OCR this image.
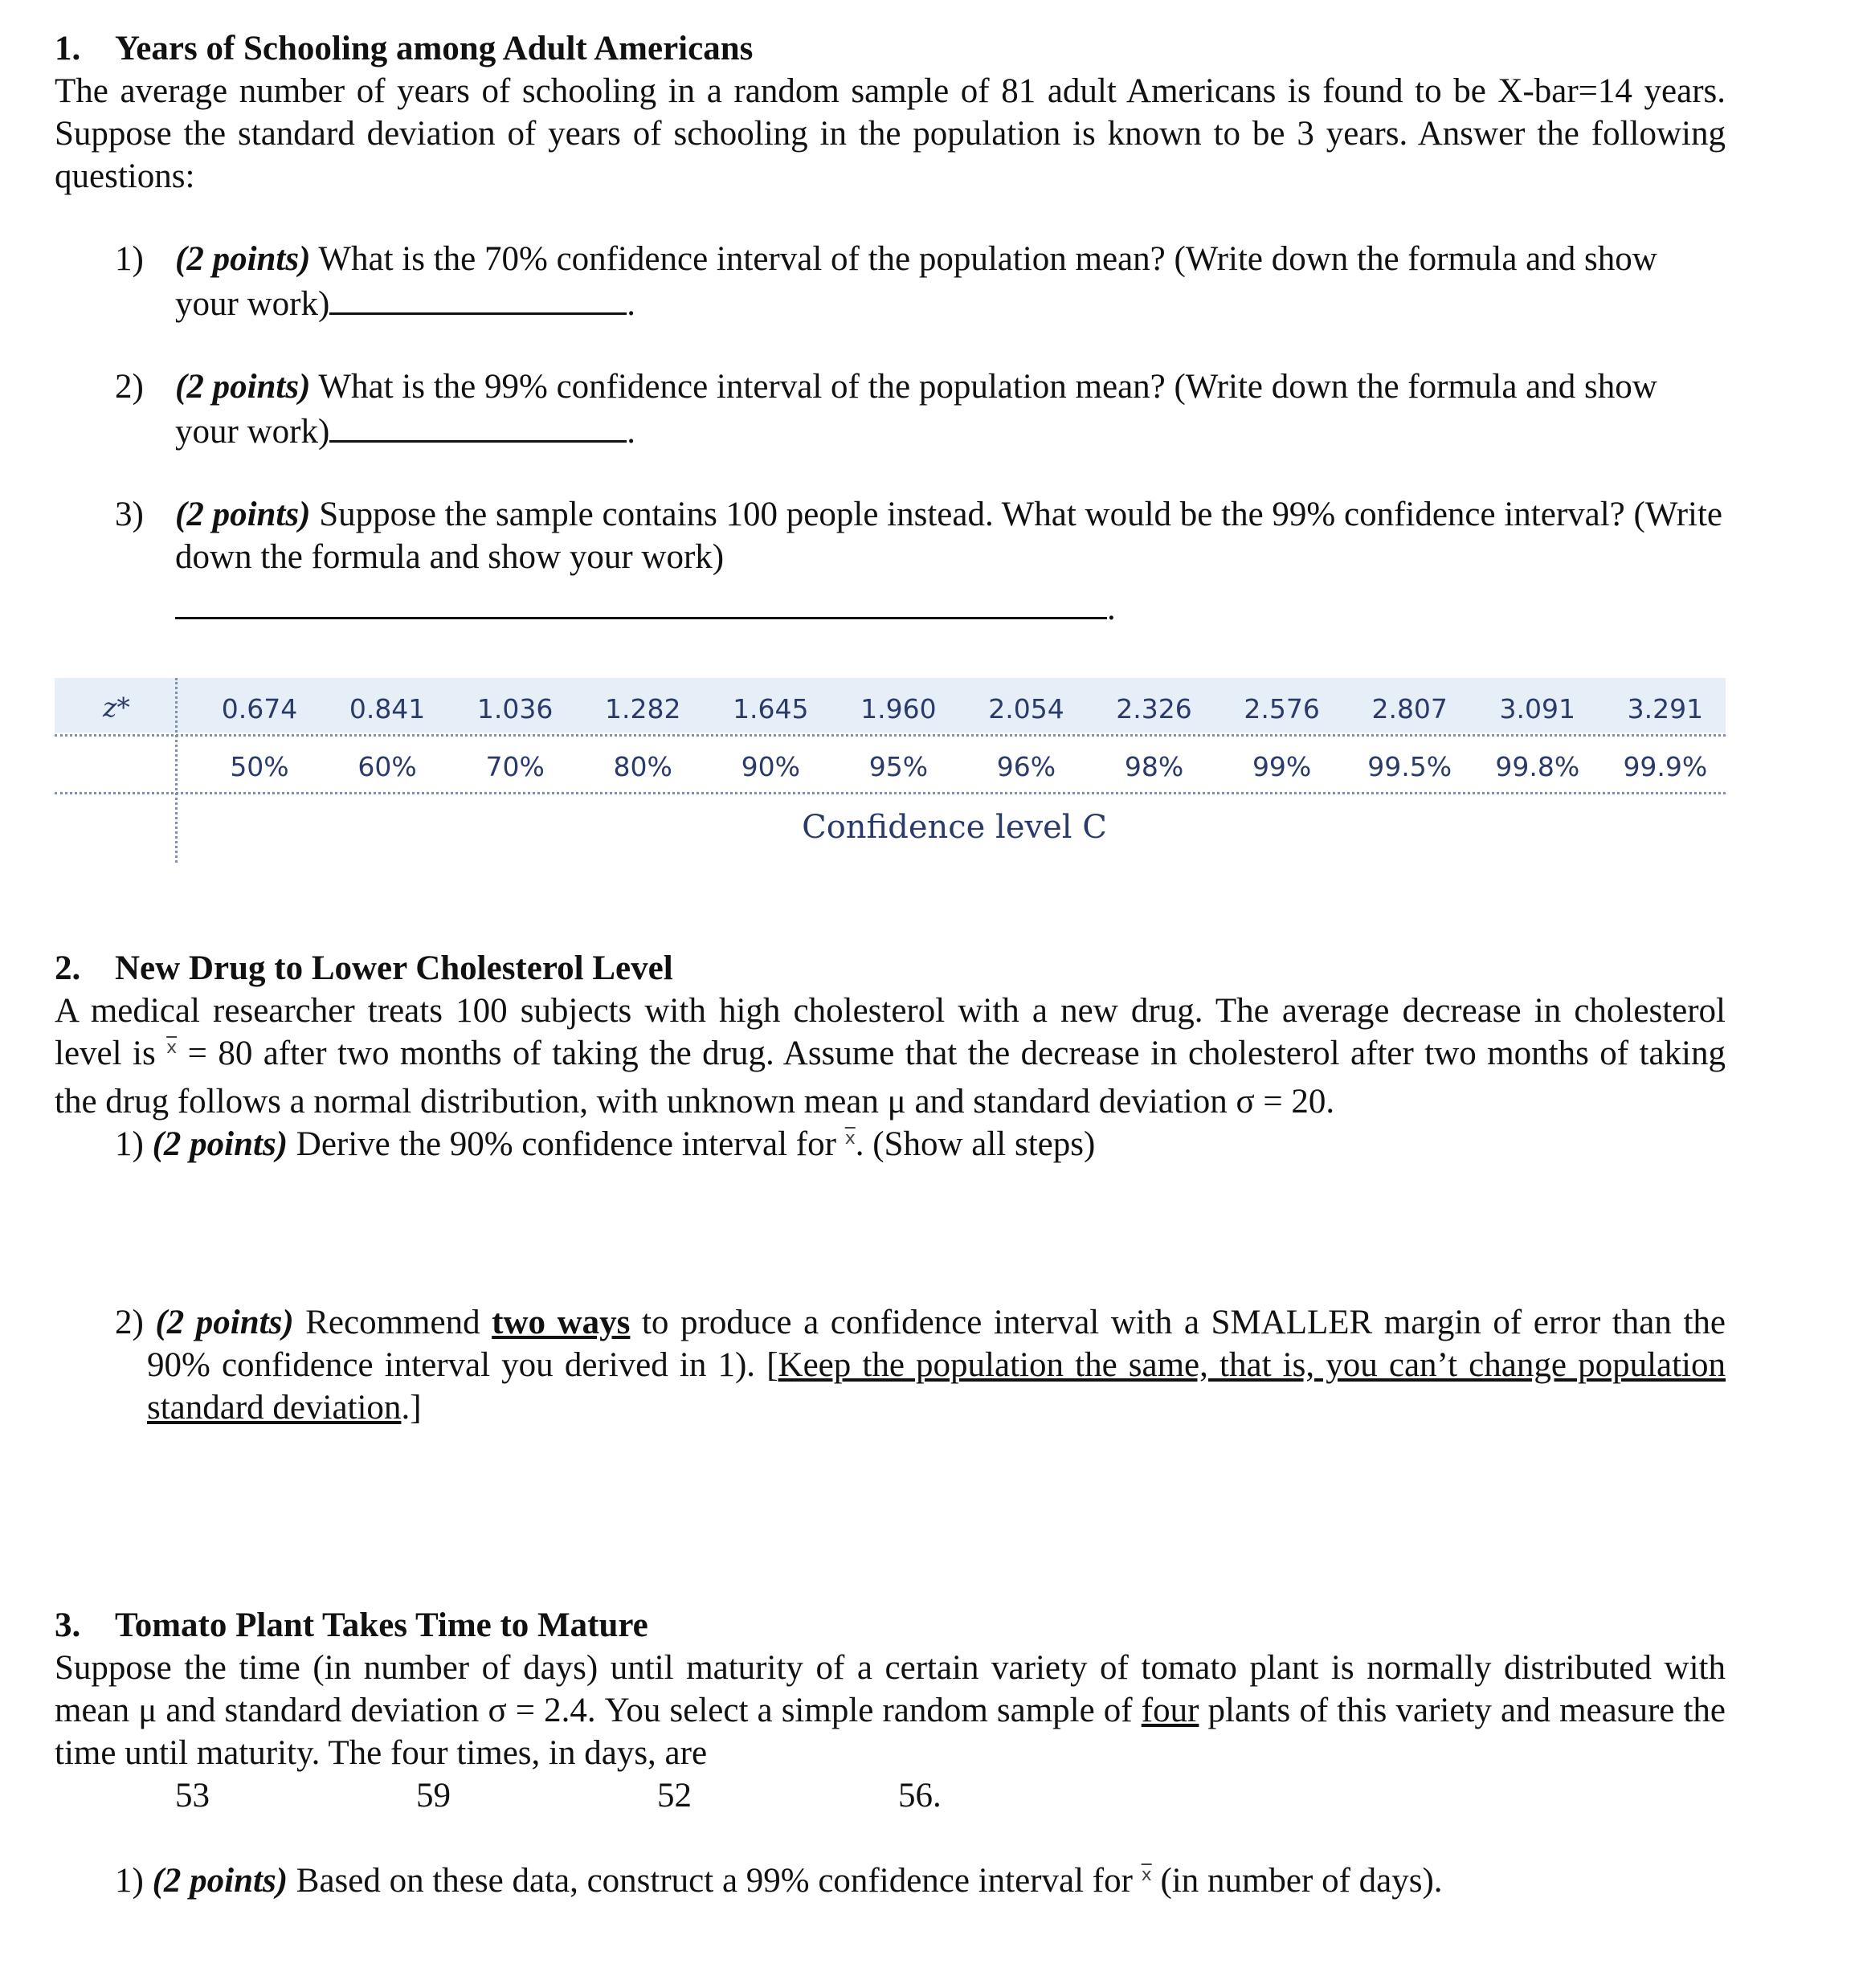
1. Years of Schooling among Adult Americans
The average number of years of schooling in a random sample of 81 adult Americans is found to be X-bar=14 years. Suppose the standard deviation of years of schooling in the population is known to be 3 years. Answer the following questions:
1) (2 points) What is the 70% confidence interval of the population mean? (Write down the formula and show your work)	.
2) (2 points) What is the 99% confidence interval of the population mean? (Write down the formula and show your work)	.
3) (2 points) Suppose the sample contains 100 people instead. What would be the 99% confidence interval? (Write down the formula and show your work)
.
z*	0.674	0.841	1.036	1.282	1.645	1.960	2.054	2.326	2.576	2.807	3.091	3.291
50%	60%	70%	80%	90%	95%	96%	98%	99%	99.5%	99.8%	99.9%
Confidence level C
2. New Drug to Lower Cholesterol Level
A medical researcher treats 100 subjects with high cholesterol with a new drug. The average decrease in cholesterol level is $^{\overline{x}}$ = 80 after two months of taking the drug. Assume that the decrease in cholesterol after two months of taking the drug follows a normal distribution, with unknown mean μ and standard deviation σ = 20.
1) (2 points) Derive the 90% confidence interval for $^{\overline{x}}$. (Show all steps)
2) (2 points) Recommend two ways to produce a confidence interval with a SMALLER margin of error than the 90% confidence interval you derived in 1). [Keep the population the same, that is, you can’t change population standard deviation.]
3. Tomato Plant Takes Time to Mature
Suppose the time (in number of days) until maturity of a certain variety of tomato plant is normally distributed with mean μ and standard deviation σ = 2.4. You select a simple random sample of four plants of this variety and measure the time until maturity. The four times, in days, are
53	59	52	56.
1) (2 points) Based on these data, construct a 99% confidence interval for $^{\overline{x}}$ (in number of days).
